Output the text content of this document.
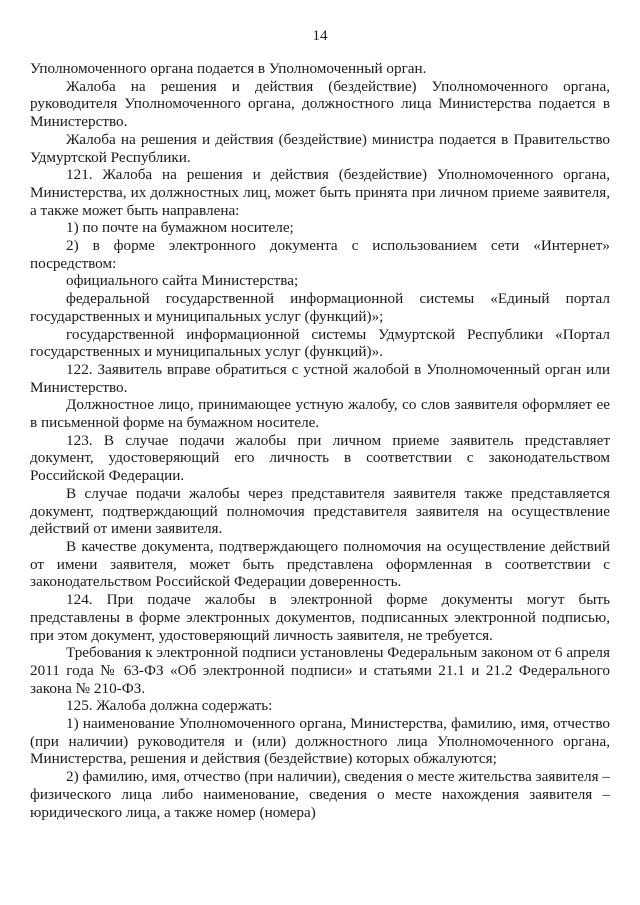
14

Уполномоченного органа подается в Уполномоченный орган.

Жалоба на решения и действия (бездействие) Уполномоченного органа, руководителя Уполномоченного органа, должностного лица Министерства подается в Министерство.

Жалоба на решения и действия (бездействие) министра подается в Правительство Удмуртской Республики.

121. Жалоба на решения и действия (бездействие) Уполномоченного органа, Министерства, их должностных лиц, может быть принята при личном приеме заявителя, а также может быть направлена:

1) по почте на бумажном носителе;

2) в форме электронного документа с использованием сети «Интернет» посредством:

официального сайта Министерства;

федеральной государственной информационной системы «Единый портал государственных и муниципальных услуг (функций)»;

государственной информационной системы Удмуртской Республики «Портал государственных и муниципальных услуг (функций)».

122. Заявитель вправе обратиться с устной жалобой в Уполномоченный орган или Министерство.

Должностное лицо, принимающее устную жалобу, со слов заявителя оформляет ее в письменной форме на бумажном носителе.

123. В случае подачи жалобы при личном приеме заявитель представляет документ, удостоверяющий его личность в соответствии с законодательством Российской Федерации.

В случае подачи жалобы через представителя заявителя также представляется документ, подтверждающий полномочия представителя заявителя на осуществление действий от имени заявителя.

В качестве документа, подтверждающего полномочия на осуществление действий от имени заявителя, может быть представлена оформленная в соответствии с законодательством Российской Федерации доверенность.

124. При подаче жалобы в электронной форме документы могут быть представлены в форме электронных документов, подписанных электронной подписью, при этом документ, удостоверяющий личность заявителя, не требуется.

Требования к электронной подписи установлены Федеральным законом от 6 апреля 2011 года № 63-ФЗ «Об электронной подписи» и статьями 21.1 и 21.2 Федерального закона № 210-ФЗ.

125. Жалоба должна содержать:

1) наименование Уполномоченного органа, Министерства, фамилию, имя, отчество (при наличии) руководителя и (или) должностного лица Уполномоченного органа, Министерства, решения и действия (бездействие) которых обжалуются;

2) фамилию, имя, отчество (при наличии), сведения о месте жительства заявителя – физического лица либо наименование, сведения о месте нахождения заявителя – юридического лица, а также номер (номера)
